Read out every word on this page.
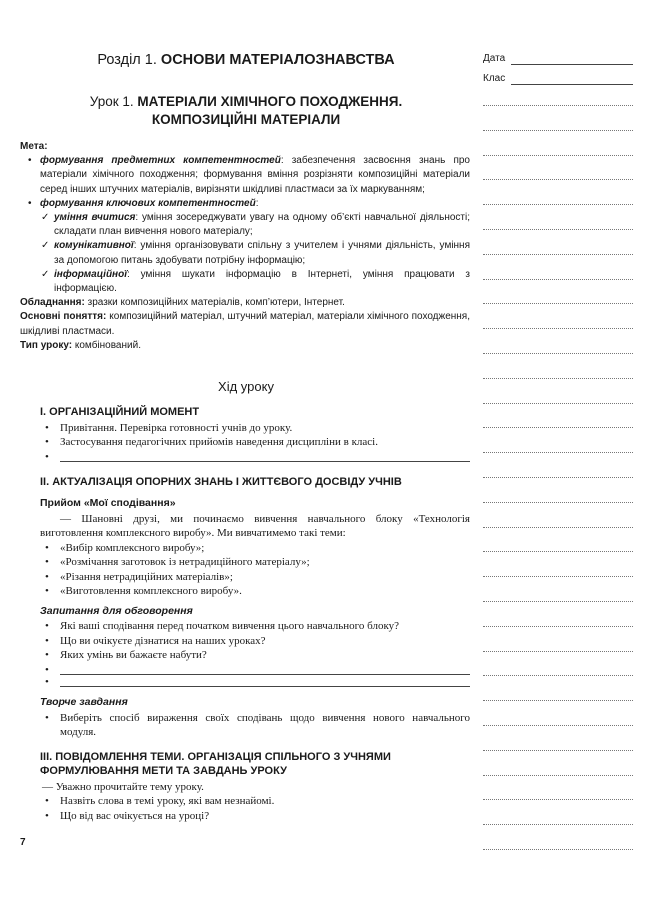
Розділ 1. ОСНОВИ МАТЕРІАЛОЗНАВСТВА
Урок 1. МАТЕРІАЛИ ХІМІЧНОГО ПОХОДЖЕННЯ.
КОМПОЗИЦІЙНІ МАТЕРІАЛИ

Мета:

• формування предметних компетентностей: забезпечення засвоєння знань про матеріали хімічного походження; формування вміння розрізняти композиційні матеріали серед інших штучних матеріалів, вирізняти шкідливі пластмаси за їх маркуванням;

• формування ключових компетентностей:

✓ уміння вчитися: уміння зосереджувати увагу на одному об’єкті навчальної діяльності; складати план вивчення нового матеріалу;

✓ комунікативної: уміння організовувати спільну з учителем і учнями діяльність, уміння за допомогою питань здобувати потрібну інформацію;

✓ інформаційної: уміння шукати інформацію в Інтернеті, уміння працювати з інформацією.

Обладнання: зразки композиційних матеріалів, комп’ютери, Інтернет.

Основні поняття: композиційний матеріал, штучний матеріал, матеріали хімічного походження, шкідливі пластмаси.

Тип уроку: комбінований.

Хід уроку
I. ОРГАНІЗАЦІЙНИЙ МОМЕНТ

• Привітання. Перевірка готовності учнів до уроку.

• Застосування педагогічних прийомів наведення дисципліни в класі.

•

II. АКТУАЛІЗАЦІЯ ОПОРНИХ ЗНАНЬ І ЖИТТЄВОГО ДОСВІДУ УЧНІВ
Прийом «Мої сподівання»

— Шановні друзі, ми починаємо вивчення навчального блоку «Технологія виготовлення комплексного виробу». Ми вивчатимемо такі теми:

• «Вибір комплексного виробу»;

• «Розмічання заготовок із нетрадиційного матеріалу»;

• «Різання нетрадиційних матеріалів»;

• «Виготовлення комплексного виробу».

Запитання для обговорення

• Які ваші сподівання перед початком вивчення цього навчального блоку?

• Що ви очікуєте дізнатися на наших уроках?

• Яких умінь ви бажаєте набути?

•

•

Творче завдання

• Виберіть спосіб вираження своїх сподівань щодо вивчення нового навчального модуля.

III. ПОВІДОМЛЕННЯ ТЕМИ. ОРГАНІЗАЦІЯ СПІЛЬНОГО З УЧНЯМИ
ФОРМУЛЮВАННЯ МЕТИ ТА ЗАВДАНЬ УРОКУ

— Уважно прочитайте тему уроку.

• Назвіть слова в темі уроку, які вам незнайомі.

• Що від вас очікується на уроці?

7
Дата
Клас
